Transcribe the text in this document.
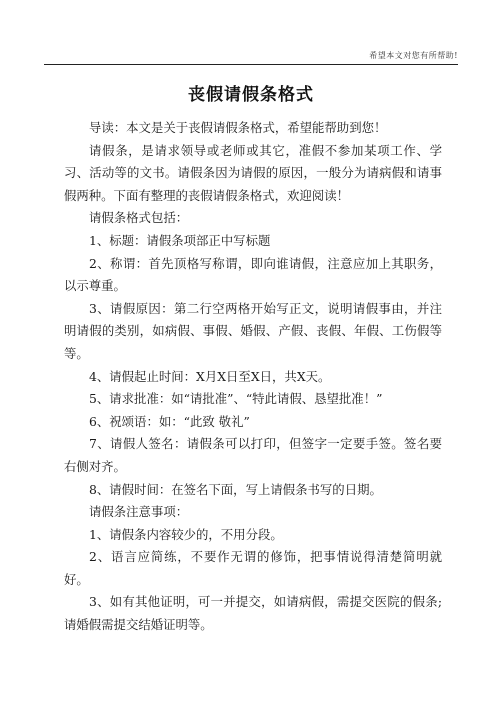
希望本文对您有所帮助!
丧假请假条格式

导读：本文是关于丧假请假条格式，希望能帮助到您！

请假条，是请求领导或老师或其它，准假不参加某项工作、学习、活动等的文书。请假条因为请假的原因，一般分为请病假和请事假两种。下面有整理的丧假请假条格式，欢迎阅读！

请假条格式包括：

1、标题：请假条项部正中写标题

2、称谓：首先顶格写称谓，即向谁请假，注意应加上其职务，以示尊重。

3、请假原因：第二行空两格开始写正文，说明请假事由，并注明请假的类别，如病假、事假、婚假、产假、丧假、年假、工伤假等等。

4、请假起止时间：X月X日至X日，共X天。

5、请求批准：如“请批准”、“特此请假、恳望批准！”

6、祝颂语：如：“此致 敬礼”

7、请假人签名：请假条可以打印，但签字一定要手签。签名要右侧对齐。

8、请假时间：在签名下面，写上请假条书写的日期。

请假条注意事项：

1、请假条内容较少的，不用分段。

2、语言应简练，不要作无谓的修饰，把事情说得清楚简明就好。

3、如有其他证明，可一并提交，如请病假，需提交医院的假条;请婚假需提交结婚证明等。
